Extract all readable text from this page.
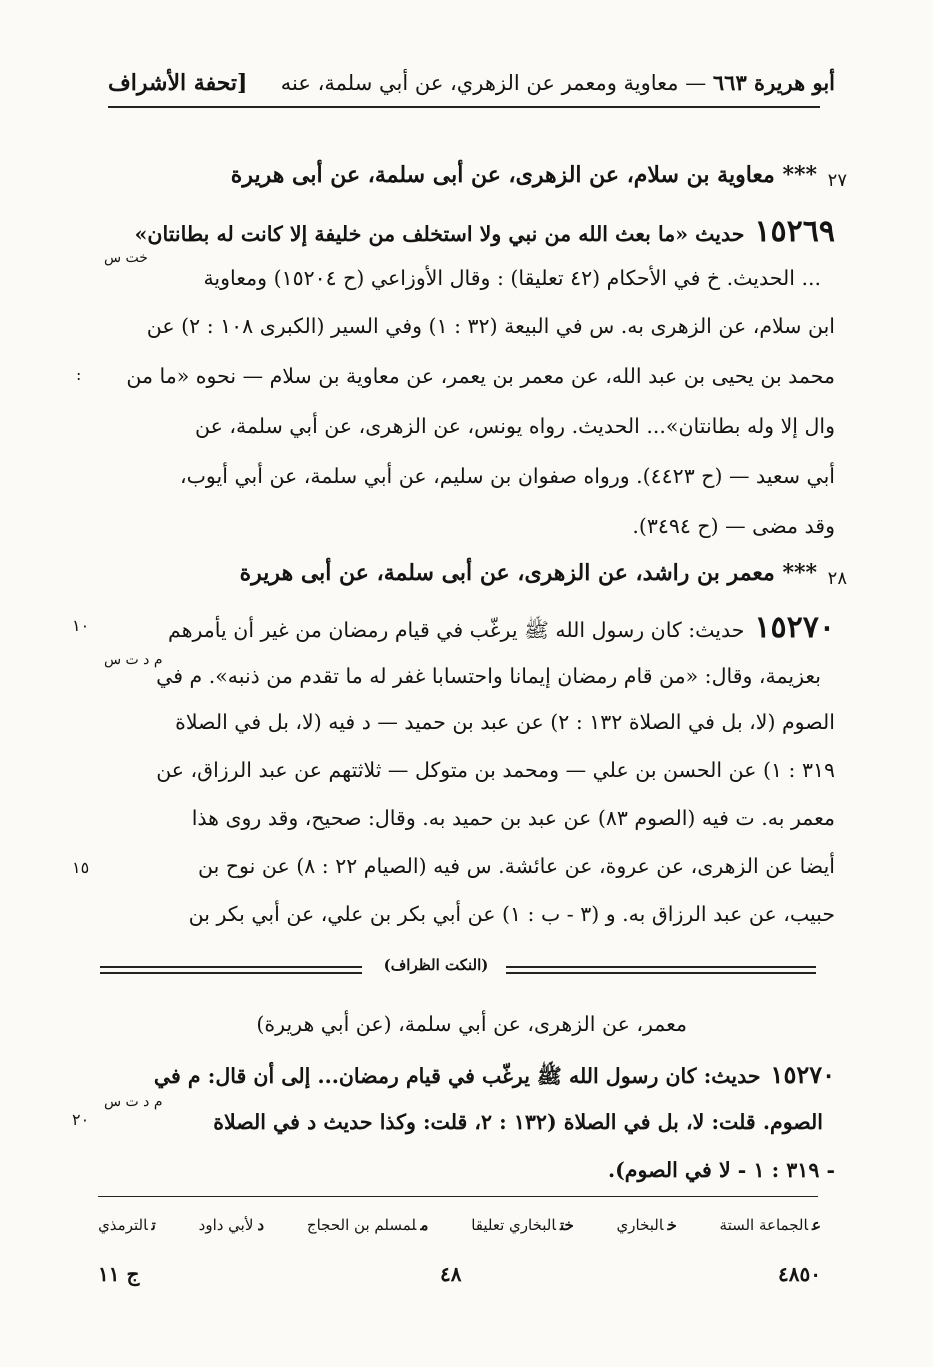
[تحفة الأشراف	أبو هريرة ٦٦٣ — معاوية ومعمر عن الزهري، عن أبي سلمة، عنه
٢٧
*** معاوية بن سلام، عن الزهرى، عن أبى سلمة، عن أبى هريرة
١٥٢٦٩حديث «ما بعث الله من نبي ولا استخلف من خليفة إلا كانت له بطانتان»
خت س
... الحديث. خ في الأحكام (٤٢ تعليقا) : وقال الأوزاعي (ح ١٥٢٠٤) ومعاوية
ابن سلام، عن الزهرى به. س في البيعة (٣٢ : ١) وفي السير (الكبرى ١٠٨ : ٢) عن
محمد بن يحيى بن عبد الله، عن معمر بن يعمر، عن معاوية بن سلام — نحوه «ما من
:
وال إلا وله بطانتان»... الحديث. رواه يونس، عن الزهرى، عن أبي سلمة، عن
أبي سعيد — (ح ٤٤٢٣). ورواه صفوان بن سليم، عن أبي سلمة، عن أبي أيوب،
وقد مضى — (ح ٣٤٩٤).
٢٨
*** معمر بن راشد، عن الزهرى، عن أبى سلمة، عن أبى هريرة
١٥٢٧٠حديث: كان رسول الله ﷺ يرغّب في قيام رمضان من غير أن يأمرهم
١٠
م د ت س
بعزيمة، وقال: «من قام رمضان إيمانا واحتسابا غفر له ما تقدم من ذنبه». م في
الصوم (لا، بل في الصلاة ١٣٢ : ٢) عن عبد بن حميد — د فيه (لا، بل في الصلاة
٣١٩ : ١) عن الحسن بن علي — ومحمد بن متوكل — ثلاثتهم عن عبد الرزاق، عن
معمر به. ت فيه (الصوم ٨٣) عن عبد بن حميد به. وقال: صحيح، وقد روى هذا
أيضا عن الزهرى، عن عروة، عن عائشة. س فيه (الصيام ٢٢ : ٨) عن نوح بن
١٥
حبيب، عن عبد الرزاق به. و (٣ - ب : ١) عن أبي بكر بن علي، عن أبي بكر بن
(النكت الظراف)
معمر، عن الزهرى، عن أبي سلمة، (عن أبي هريرة)
١٥٢٧٠حديث: كان رسول الله ﷺ يرغّب في قيام رمضان... إلى أن قال: م في
م د ت س
الصوم. قلت: لا، بل في الصلاة (١٣٢ : ٢، قلت: وكذا حديث د في الصلاة
٢٠
- ٣١٩ : ١ - لا في الصوم).
عالجماعة الستة
خالبخاري
ختالبخاري تعليقا
ملمسلم بن الحجاج
دلأبي داود
تالترمذي
٤٨٥٠
٤٨
ج ١١
